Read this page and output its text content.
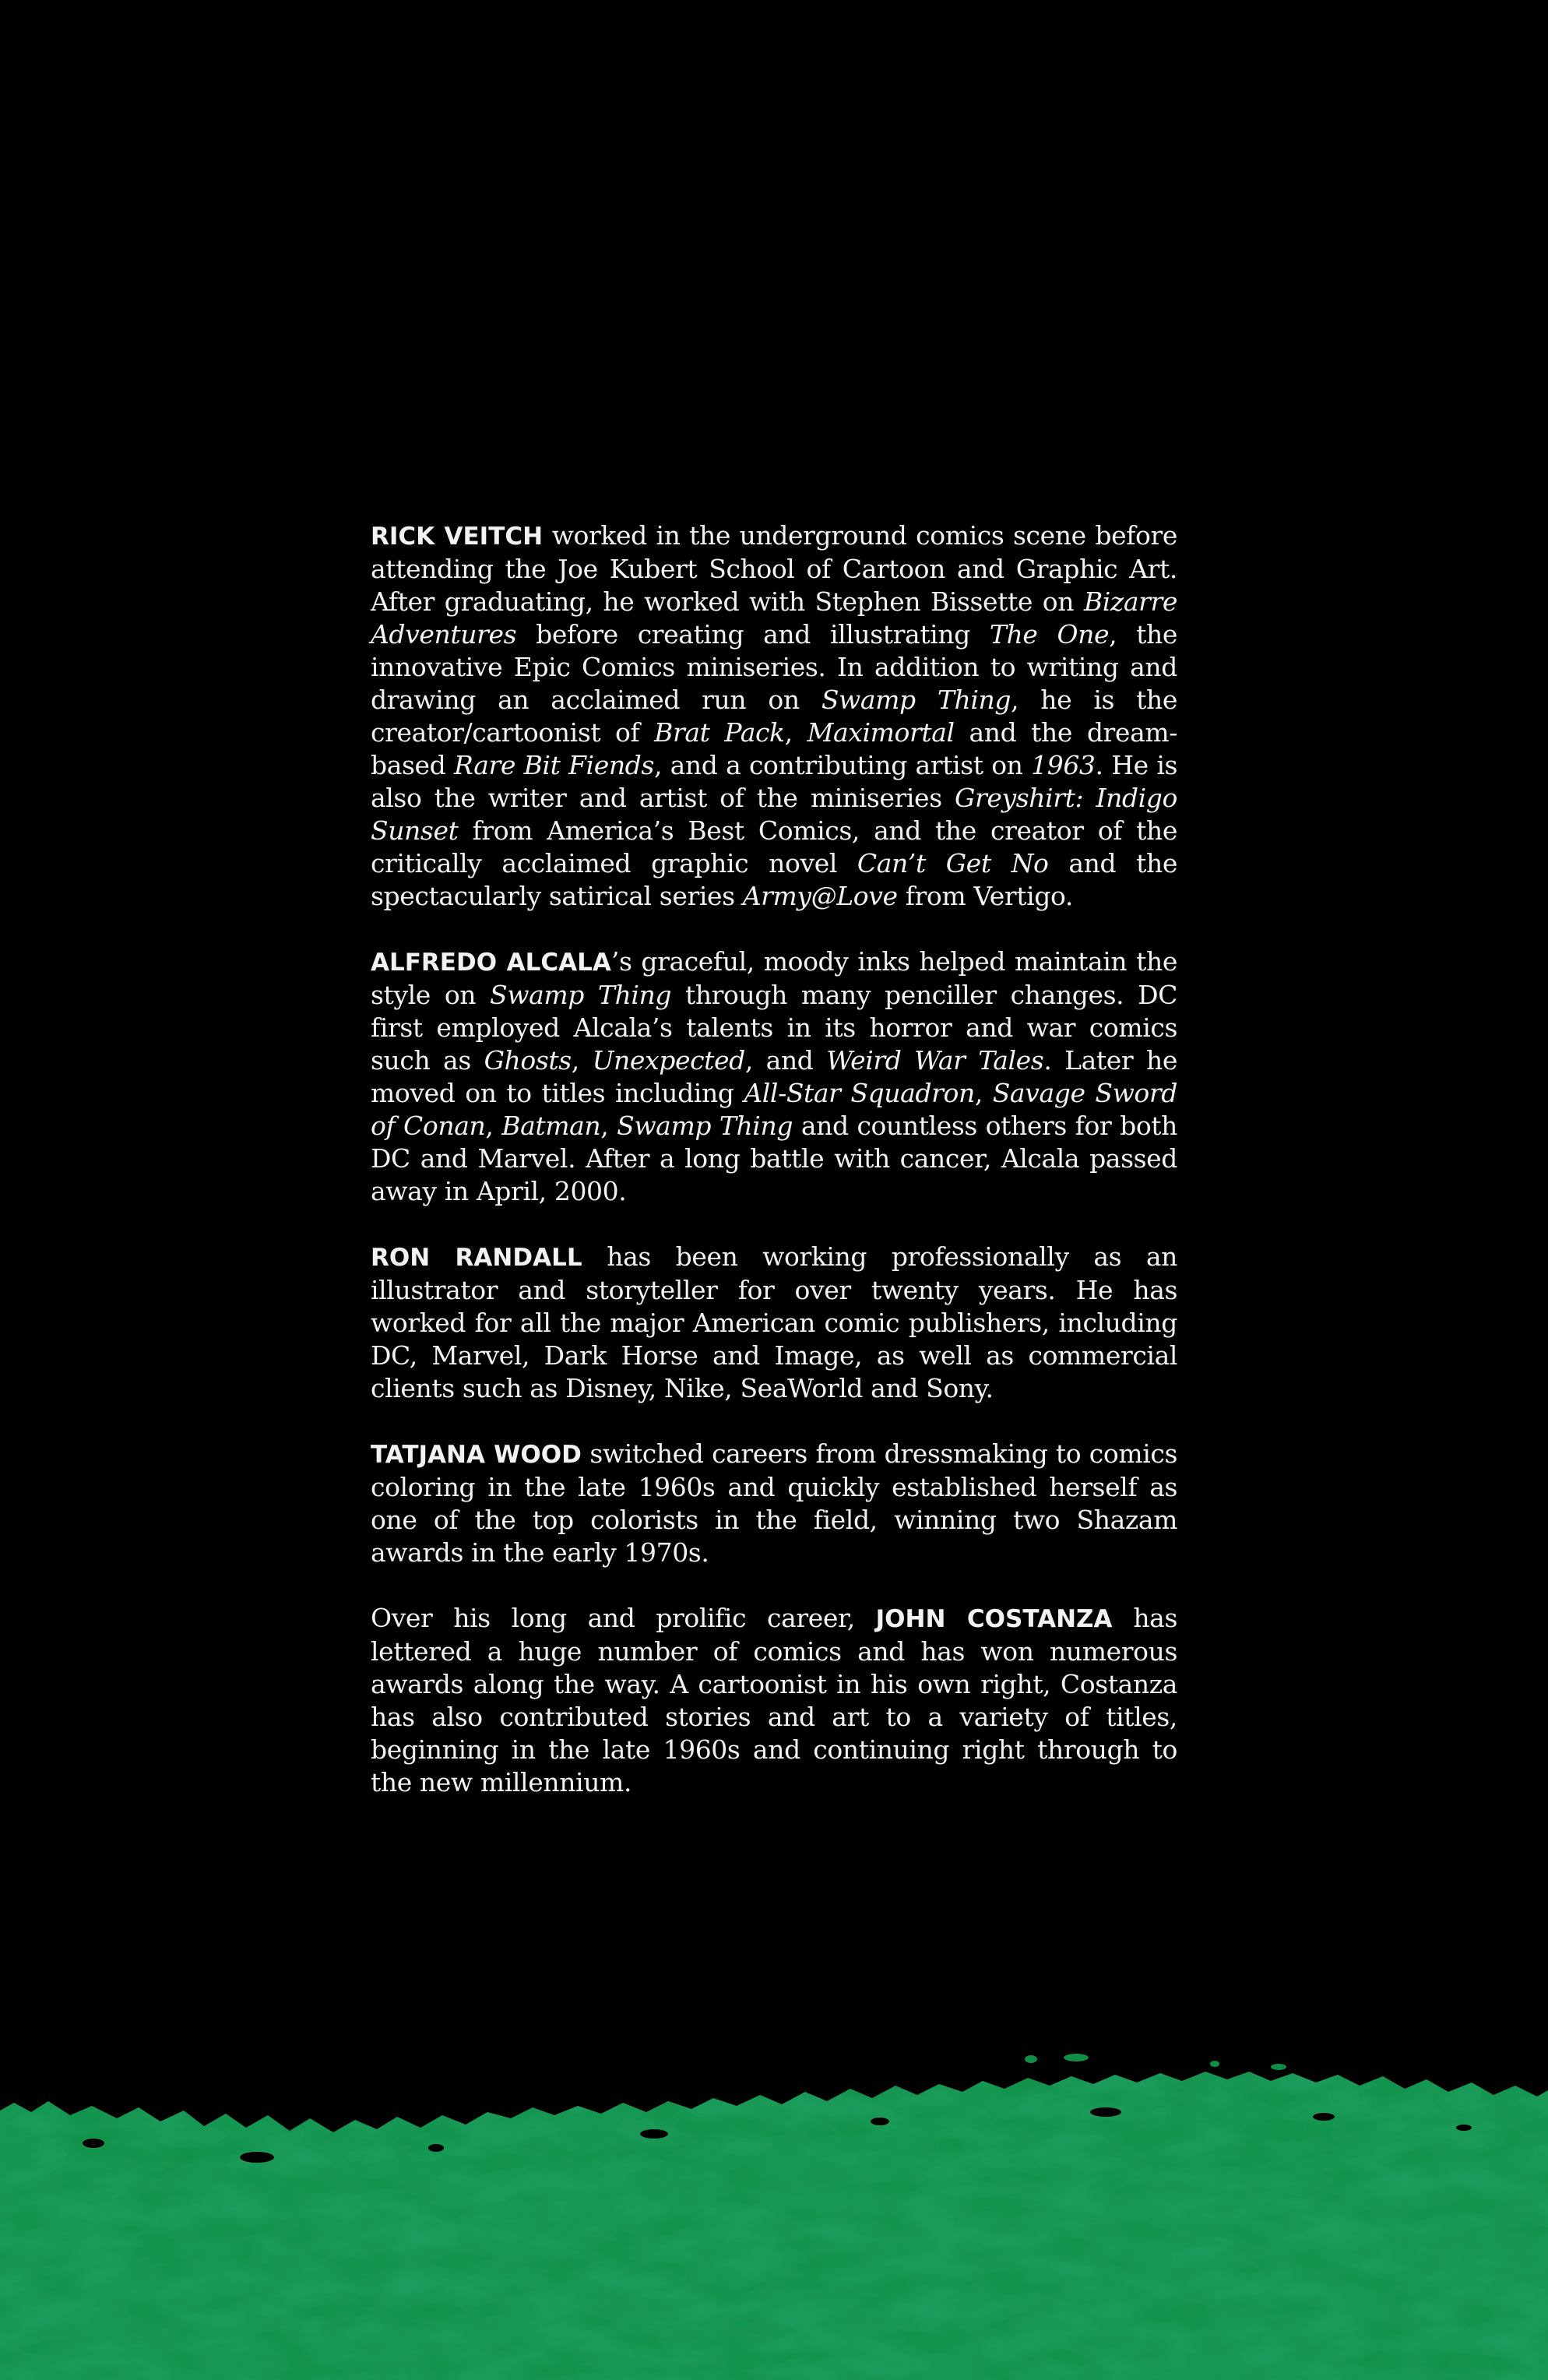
RICK VEITCH worked in the underground comics scene before attending the Joe Kubert School of Cartoon and Graphic Art. After graduating, he worked with Stephen Bissette on Bizarre Adventures before creating and illustrating The One, the innovative Epic Comics miniseries. In addition to writing and drawing an acclaimed run on Swamp Thing, he is the creator/cartoonist of Brat Pack, Maximortal and the dream-based Rare Bit Fiends, and a contributing artist on 1963. He is also the writer and artist of the miniseries Greyshirt: Indigo Sunset from America’s Best Comics, and the creator of the critically acclaimed graphic novel Can’t Get No and the spectacularly satirical series Army@Love from Vertigo.

ALFREDO ALCALA’s graceful, moody inks helped maintain the style on Swamp Thing through many penciller changes. DC first employed Alcala’s talents in its horror and war comics such as Ghosts, Unexpected, and Weird War Tales. Later he moved on to titles including All-Star Squadron, Savage Sword of Conan, Batman, Swamp Thing and countless others for both DC and Marvel. After a long battle with cancer, Alcala passed away in April, 2000.

RON RANDALL has been working professionally as an illustrator and storyteller for over twenty years. He has worked for all the major American comic publishers, including DC, Marvel, Dark Horse and Image, as well as commercial clients such as Disney, Nike, SeaWorld and Sony.

TATJANA WOOD switched careers from dressmaking to comics coloring in the late 1960s and quickly established herself as one of the top colorists in the field, winning two Shazam awards in the early 1970s.

Over his long and prolific career, JOHN COSTANZA has lettered a huge number of comics and has won numerous awards along the way. A cartoonist in his own right, Costanza has also contributed stories and art to a variety of titles, beginning in the late 1960s and continuing right through to the new millennium.
